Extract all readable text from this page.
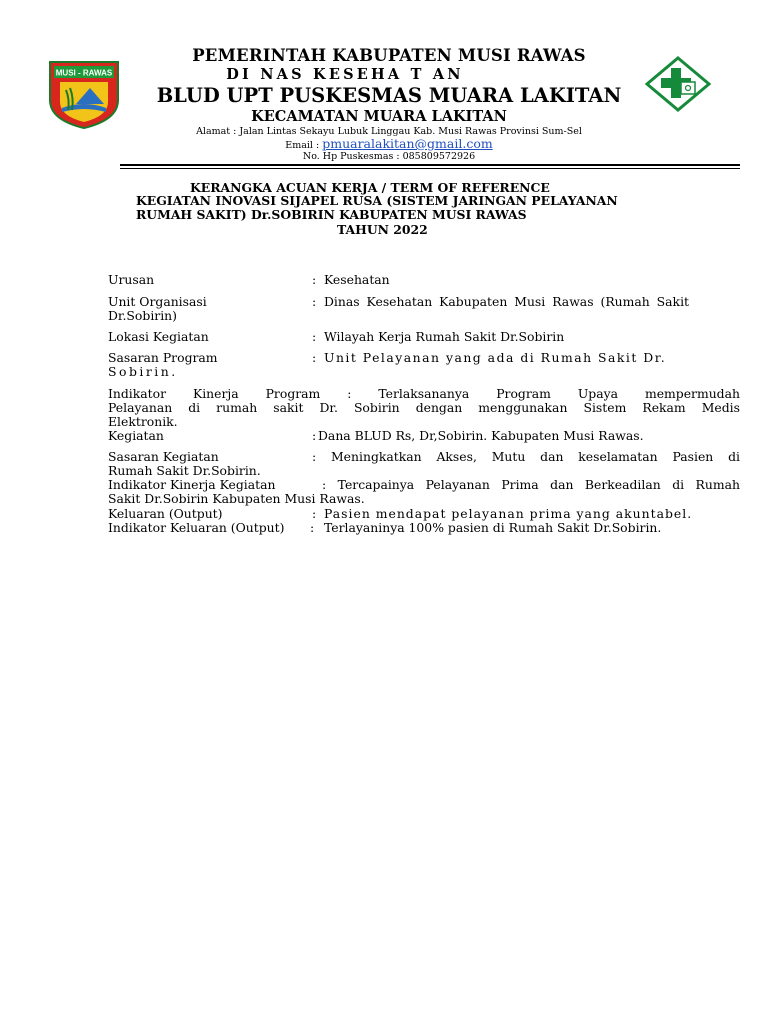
MUSI - RAWAS
PEMERINTAH KABUPATEN MUSI RAWAS
DI NAS KESEHA T AN
BLUD UPT PUSKESMAS MUARA LAKITAN
KECAMATAN MUARA LAKITAN
Alamat : Jalan Lintas Sekayu Lubuk Linggau Kab. Musi Rawas Provinsi Sum-Sel
Email : pmuaralakitan@gmail.com
No. Hp Puskesmas : 085809572926
KERANGKA ACUAN KERJA / TERM OF REFERENCE
KEGIATAN INOVASI SIJAPEL RUSA (SISTEM JARINGAN PELAYANAN
RUMAH SAKIT) Dr.SOBIRIN KABUPATEN MUSI RAWAS
TAHUN 2022
Urusan	: Kesehatan
Unit Organisasi	: Dinas Kesehatan Kabupaten Musi Rawas (Rumah Sakit
Dr.Sobirin)
Lokasi Kegiatan	: Wilayah Kerja Rumah Sakit Dr.Sobirin
Sasaran Program	: Unit Pelayanan yang ada di Rumah Sakit Dr.
Sobirin.
Indikator Kinerja Program : Terlaksananya Program Upaya mempermudah
Pelayanan di rumah sakit Dr. Sobirin dengan menggunakan Sistem Rekam Medis
Elektronik.
Kegiatan	: Dana BLUD Rs, Dr,Sobirin. Kabupaten Musi Rawas.
Sasaran Kegiatan	: Meningkatkan Akses, Mutu dan keselamatan Pasien di
Rumah Sakit Dr.Sobirin.
Indikator Kinerja Kegiatan	: Tercapainya Pelayanan Prima dan Berkeadilan di Rumah
Sakit Dr.Sobirin Kabupaten Musi Rawas.
Keluaran (Output)	: Pasien mendapat pelayanan prima yang akuntabel.
Indikator Keluaran (Output) : Terlayaninya 100% pasien di Rumah Sakit Dr.Sobirin.
